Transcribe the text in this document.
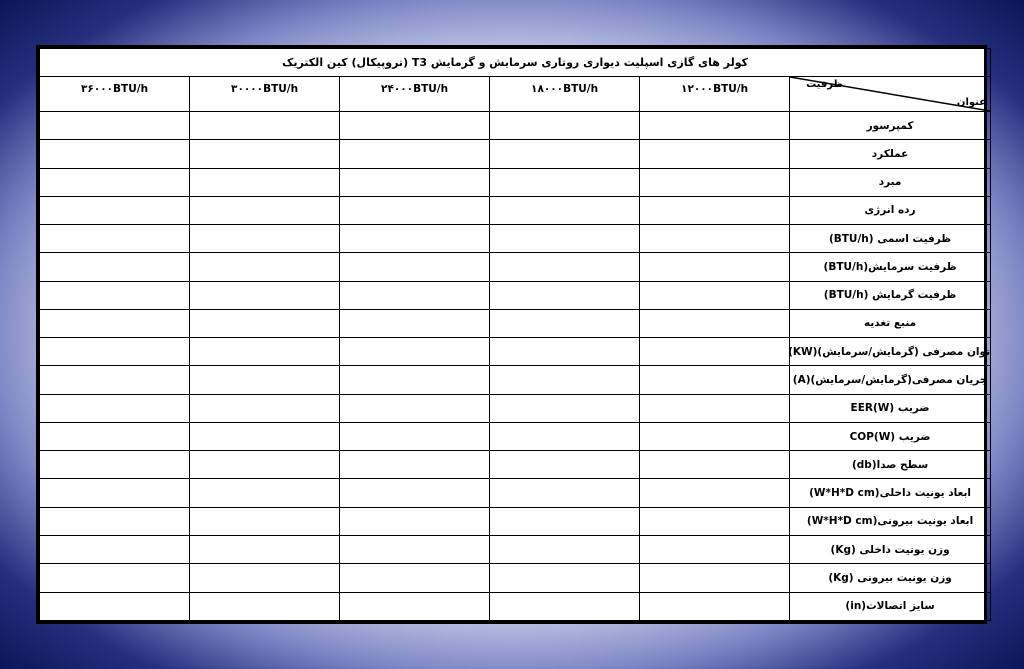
کولر های گازی اسپلیت دیواری روتاری سرمایش و گرمایش T3 (تروپیکال) کین الکتریک					

ظرفیت
عنوان	۱۲۰۰۰BTU/h	۱۸۰۰۰BTU/h	۲۴۰۰۰BTU/h	۳۰۰۰۰BTU/h	۳۶۰۰۰BTU/h
کمپرسور					
عملکرد					
مبرد					
رده انرژی					
ظرفیت اسمی (BTU/h)					
ظرفیت سرمایش(BTU/h)					
ظرفیت گرمایش (BTU/h)					
منبع تغدیه					
توان مصرفی (گرمایش/سرمایش)(KW)					
جریان مصرفی(گرمایش/سرمایش)(A)					
ضریب EER(W)					
ضریب COP(W)					
سطح صدا(db)					
ابعاد یونیت داخلی(W*H*D cm)					
ابعاد یونیت بیرونی(W*H*D cm)					
وزن یونیت داخلی (Kg)					
وزن یونیت بیرونی (Kg)					
سایز اتصالات(in)					
